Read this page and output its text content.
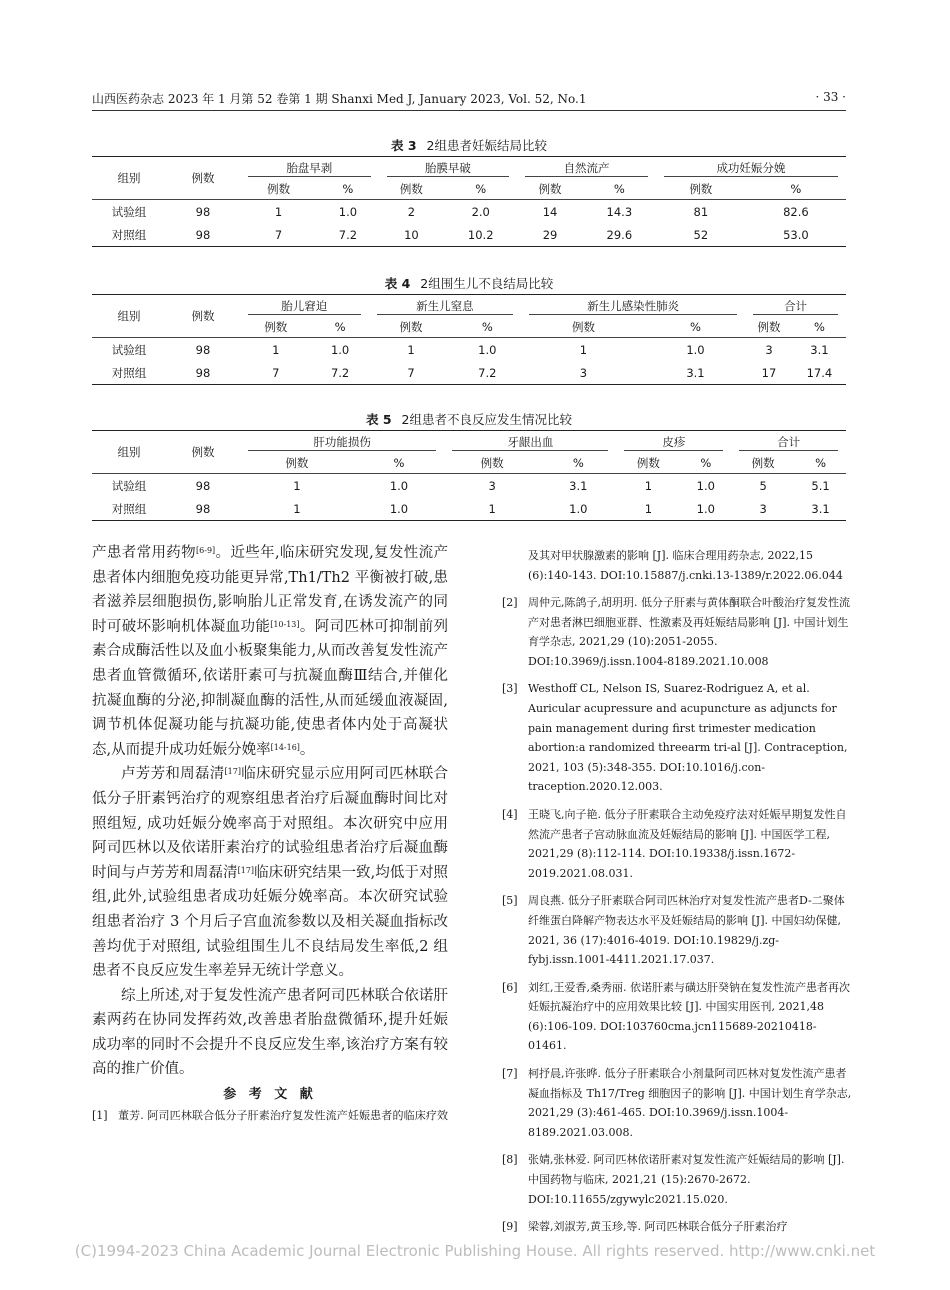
山西医药杂志 2023 年 1 月第 52 卷第 1 期 Shanxi Med J, January 2023, Vol. 52, No.1	· 33 ·
表 3 2组患者妊娠结局比较
组别	例数	胎盘早剥		胎膜早破		自然流产		成功妊娠分娩	

		例数	%	例数	%	例数	%	例数	%
试验组	98	1	1.0	2	2.0	14	14.3	81	82.6
对照组	98	7	7.2	10	10.2	29	29.6	52	53.0
表 4 2组围生儿不良结局比较
组别	例数	胎儿窘迫		新生儿窒息		新生儿感染性肺炎		合计	

		例数	%	例数	%	例数	%	例数	%
试验组	98	1	1.0	1	1.0	1	1.0	3	3.1
对照组	98	7	7.2	7	7.2	3	3.1	17	17.4
表 5 2组患者不良反应发生情况比较
组别	例数	肝功能损伤		牙龈出血		皮疹		合计	

		例数	%	例数	%	例数	%	例数	%
试验组	98	1	1.0	3	3.1	1	1.0	5	5.1
对照组	98	1	1.0	1	1.0	1	1.0	3	3.1

产患者常用药物[6-9]。近些年,临床研究发现,复发性流产患者体内细胞免疫功能更异常,Th1/Th2 平衡被打破,患者滋养层细胞损伤,影响胎儿正常发育,在诱发流产的同时可破坏影响机体凝血功能[10-13]。阿司匹林可抑制前列素合成酶活性以及血小板聚集能力,从而改善复发性流产患者血管微循环,依诺肝素可与抗凝血酶Ⅲ结合,并催化抗凝血酶的分泌,抑制凝血酶的活性,从而延缓血液凝固,调节机体促凝功能与抗凝功能,使患者体内处于高凝状态,从而提升成功妊娠分娩率[14-16]。

卢芳芳和周磊清[17]临床研究显示应用阿司匹林联合低分子肝素钙治疗的观察组患者治疗后凝血酶时间比对照组短, 成功妊娠分娩率高于对照组。本次研究中应用阿司匹林以及依诺肝素治疗的试验组患者治疗后凝血酶时间与卢芳芳和周磊清[17]临床研究结果一致,均低于对照组,此外,试验组患者成功妊娠分娩率高。本次研究试验组患者治疗 3 个月后子宫血流参数以及相关凝血指标改善均优于对照组, 试验组围生儿不良结局发生率低,2 组患者不良反应发生率差异无统计学意义。

综上所述,对于复发性流产患者阿司匹林联合依诺肝素两药在协同发挥药效,改善患者胎盘微循环,提升妊娠成功率的同时不会提升不良反应发生率,该治疗方案有较高的推广价值。

参 考 文 献
[1] 董芳. 阿司匹林联合低分子肝素治疗复发性流产妊娠患者的临床疗效
及其对甲状腺激素的影响 [J]. 临床合理用药杂志, 2022,15 (6):140-143. DOI:10.15887/j.cnki.13-1389/r.2022.06.044
[2] 周仲元,陈鸽子,胡玥玥. 低分子肝素与黄体酮联合叶酸治疗复发性流产对患者淋巴细胞亚群、性激素及再妊娠结局影响 [J]. 中国计划生育学杂志, 2021,29 (10):2051-2055. DOI:10.3969/j.issn.1004-8189.2021.10.008
[3] Westhoff CL, Nelson IS, Suarez-Rodriguez A, et al. Auricular acupressure and acupuncture as adjuncts for pain management during first trimester medication abortion:a randomized threearm tri-al [J]. Contraception, 2021, 103 (5):348-355. DOI:10.1016/j.con-traception.2020.12.003.
[4] 王晓飞,向子艳. 低分子肝素联合主动免疫疗法对妊娠早期复发性自然流产患者子宫动脉血流及妊娠结局的影响 [J]. 中国医学工程, 2021,29 (8):112-114. DOI:10.19338/j.issn.1672-2019.2021.08.031.
[5] 周良燕. 低分子肝素联合阿司匹林治疗对复发性流产患者D-二聚体纤维蛋白降解产物表达水平及妊娠结局的影响 [J]. 中国妇幼保健, 2021, 36 (17):4016-4019. DOI:10.19829/j.zg-fybj.issn.1001-4411.2021.17.037.
[6] 刘红,王爱香,桑秀丽. 依诺肝素与磺达肝癸钠在复发性流产患者再次妊娠抗凝治疗中的应用效果比较 [J]. 中国实用医刊, 2021,48 (6):106-109. DOI:103760cma.jcn115689-20210418-01461.
[7] 柯抒晨,许张晔. 低分子肝素联合小剂量阿司匹林对复发性流产患者凝血指标及 Th17/Treg 细胞因子的影响 [J]. 中国计划生育学杂志, 2021,29 (3):461-465. DOI:10.3969/j.issn.1004-8189.2021.03.008.
[8] 张婧,张林爱. 阿司匹林依诺肝素对复发性流产妊娠结局的影响 [J]. 中国药物与临床, 2021,21 (15):2670-2672. DOI:10.11655/zgywylc2021.15.020.
[9] 梁蓉,刘淑芳,黄玉珍,等. 阿司匹林联合低分子肝素治疗
(C)1994-2023 China Academic Journal Electronic Publishing House. All rights reserved. http://www.cnki.net
